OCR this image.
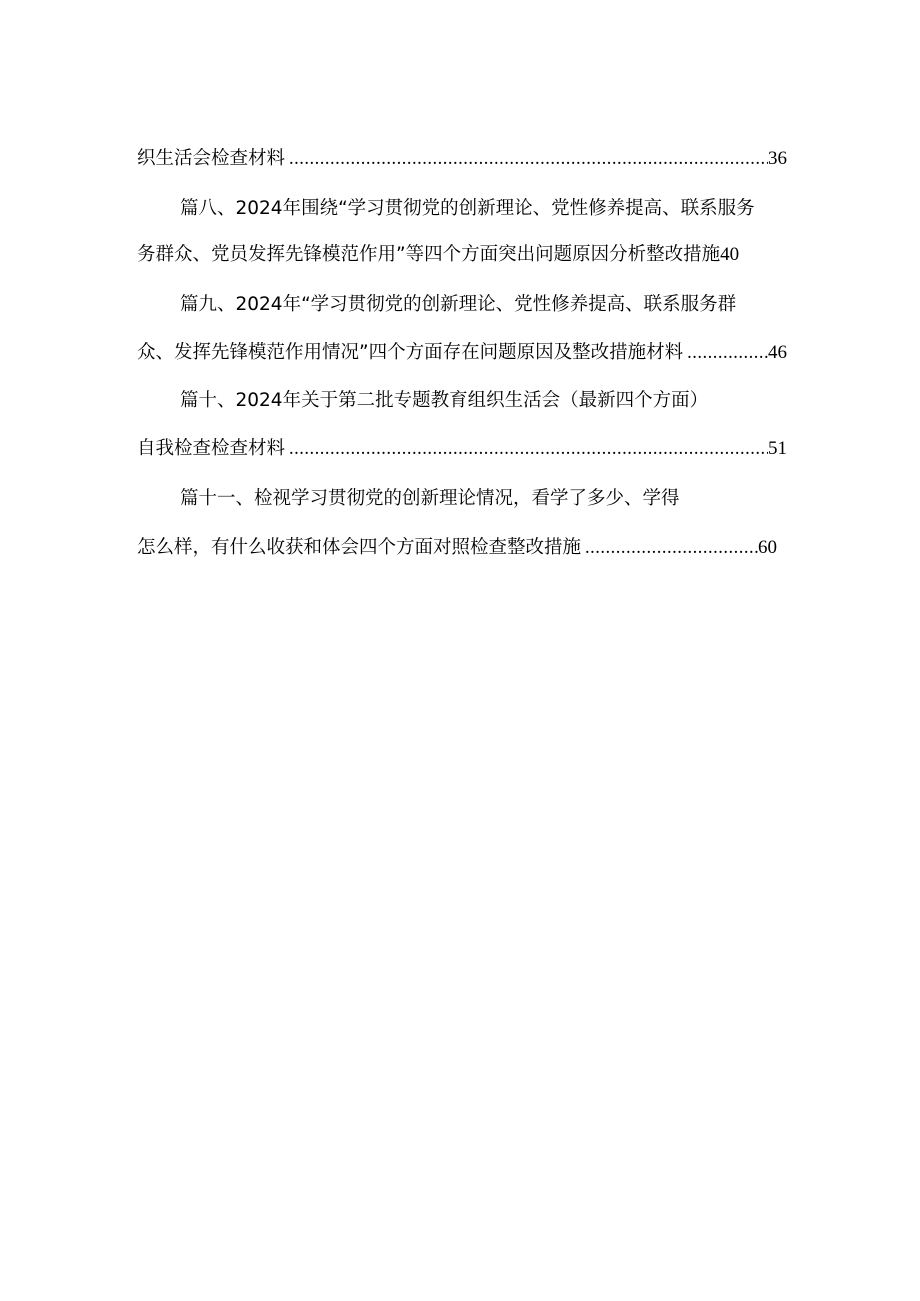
织生活会检查材料 .....	36
篇八、2024年围绕“学习贯彻党的创新理论、党性修养提高、联系服务
务群众、党员发挥先锋模范作用”等四个方面突出问题原因分析整改措施40
篇九、2024年“学习贯彻党的创新理论、党性修养提高、联系服务群
众、发挥先锋模范作用情况”四个方面存在问题原因及整改措施材料 .....	46
篇十、2024年关于第二批专题教育组织生活会（最新四个方面）
自我检查检查材料 .....	51
篇十一、检视学习贯彻党的创新理论情况，看学了多少、学得
怎么样，有什么收获和体会四个方面对照检查整改措施 .....	60
